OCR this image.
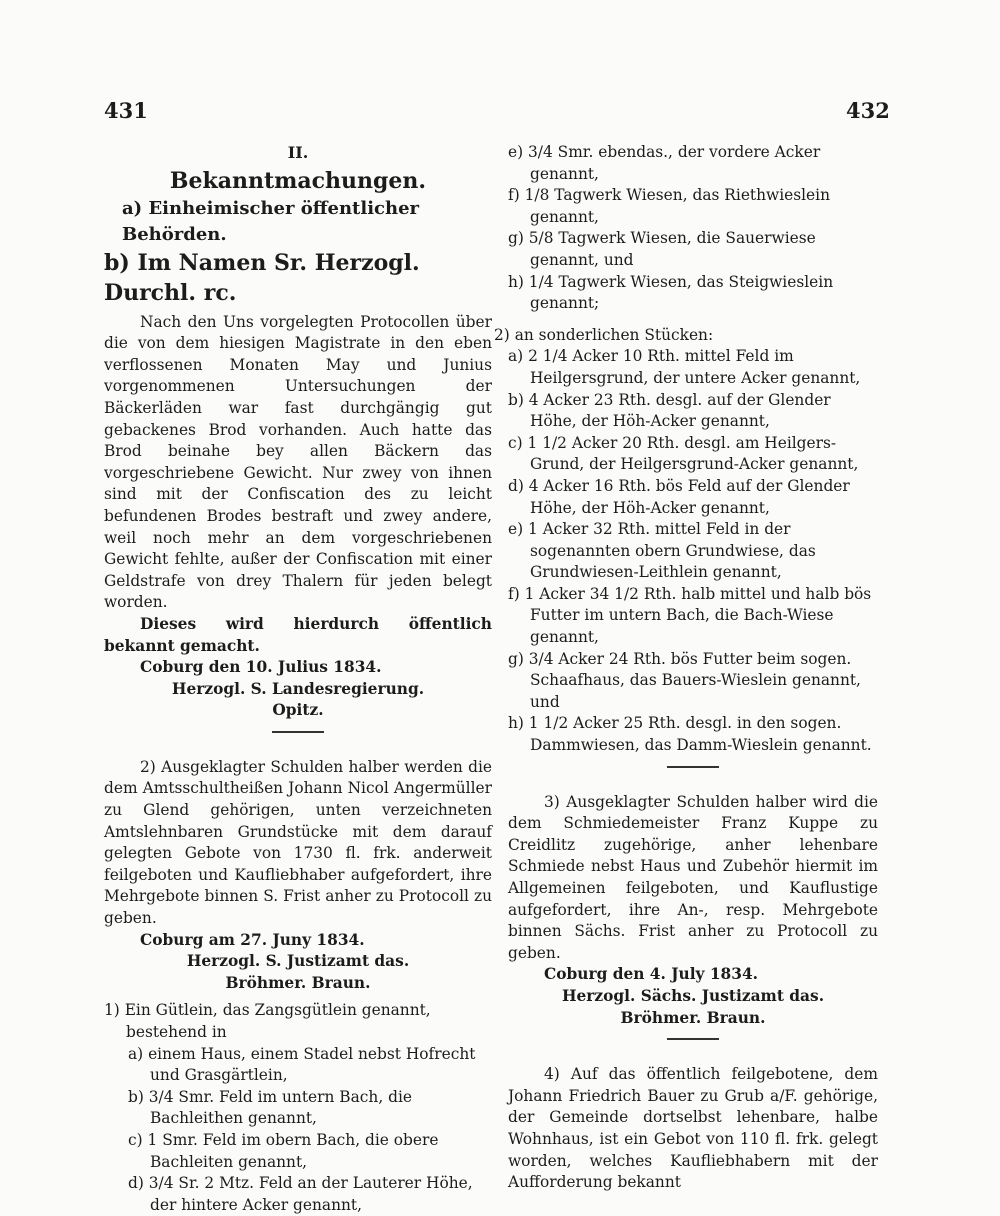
431	432
II.
Bekanntmachungen.
a) Einheimischer öffentlicher Behörden.
b) Im Namen Sr. Herzogl. Durchl. rc.

Nach den Uns vorgelegten Protocollen über die von dem hiesigen Magistrate in den eben verflossenen Monaten May und Junius vorgenommenen Untersuchungen der Bäckerläden war fast durchgängig gut gebackenes Brod vorhanden. Auch hatte das Brod beinahe bey allen Bäckern das vorgeschriebene Gewicht. Nur zwey von ihnen sind mit der Confiscation des zu leicht befundenen Brodes bestraft und zwey andere, weil noch mehr an dem vorgeschriebenen Gewicht fehlte, außer der Confiscation mit einer Geldstrafe von drey Thalern für jeden belegt worden.

Dieses wird hierdurch öffentlich bekannt gemacht.

Coburg den 10. Julius 1834.

Herzogl. S. Landesregierung.
Opitz.

2) Ausgeklagter Schulden halber werden die dem Amtsschultheißen Johann Nicol Angermüller zu Glend gehörigen, unten verzeichneten Amtslehnbaren Grundstücke mit dem darauf gelegten Gebote von 1730 fl. frk. anderweit feilgeboten und Kaufliebhaber aufgefordert, ihre Mehrgebote binnen S. Frist anher zu Protocoll zu geben.

Coburg am 27. Juny 1834.

Herzogl. S. Justizamt das.
Bröhmer. Braun.

1) Ein Gütlein, das Zangsgütlein genannt, bestehend in

a) einem Haus, einem Stadel nebst Hofrecht und Grasgärtlein,

b) 3/4 Smr. Feld im untern Bach, die Bachleithen genannt,

c) 1 Smr. Feld im obern Bach, die obere Bachleiten genannt,

d) 3/4 Sr. 2 Mtz. Feld an der Lauterer Höhe, der hintere Acker genannt,

e) 3/4 Smr. ebendas., der vordere Acker genannt,

f) 1/8 Tagwerk Wiesen, das Riethwieslein genannt,

g) 5/8 Tagwerk Wiesen, die Sauerwiese genannt, und

h) 1/4 Tagwerk Wiesen, das Steigwieslein genannt;

2) an sonderlichen Stücken:

a) 2 1/4 Acker 10 Rth. mittel Feld im Heilgersgrund, der untere Acker genannt,

b) 4 Acker 23 Rth. desgl. auf der Glender Höhe, der Höh-Acker genannt,

c) 1 1/2 Acker 20 Rth. desgl. am Heilgers-Grund, der Heilgersgrund-Acker genannt,

d) 4 Acker 16 Rth. bös Feld auf der Glender Höhe, der Höh-Acker genannt,

e) 1 Acker 32 Rth. mittel Feld in der sogenannten obern Grundwiese, das Grundwiesen-Leithlein genannt,

f) 1 Acker 34 1/2 Rth. halb mittel und halb bös Futter im untern Bach, die Bach-Wiese genannt,

g) 3/4 Acker 24 Rth. bös Futter beim sogen. Schaafhaus, das Bauers-Wieslein genannt, und

h) 1 1/2 Acker 25 Rth. desgl. in den sogen. Dammwiesen, das Damm-Wieslein genannt.

3) Ausgeklagter Schulden halber wird die dem Schmiedemeister Franz Kuppe zu Creidlitz zugehörige, anher lehenbare Schmiede nebst Haus und Zubehör hiermit im Allgemeinen feilgeboten, und Kauflustige aufgefordert, ihre An-, resp. Mehrgebote binnen Sächs. Frist anher zu Protocoll zu geben.

Coburg den 4. July 1834.

Herzogl. Sächs. Justizamt das.
Bröhmer. Braun.

4) Auf das öffentlich feilgebotene, dem Johann Friedrich Bauer zu Grub a/F. gehörige, der Gemeinde dortselbst lehenbare, halbe Wohnhaus, ist ein Gebot von 110 fl. frk. gelegt worden, welches Kaufliebhabern mit der Aufforderung bekannt
